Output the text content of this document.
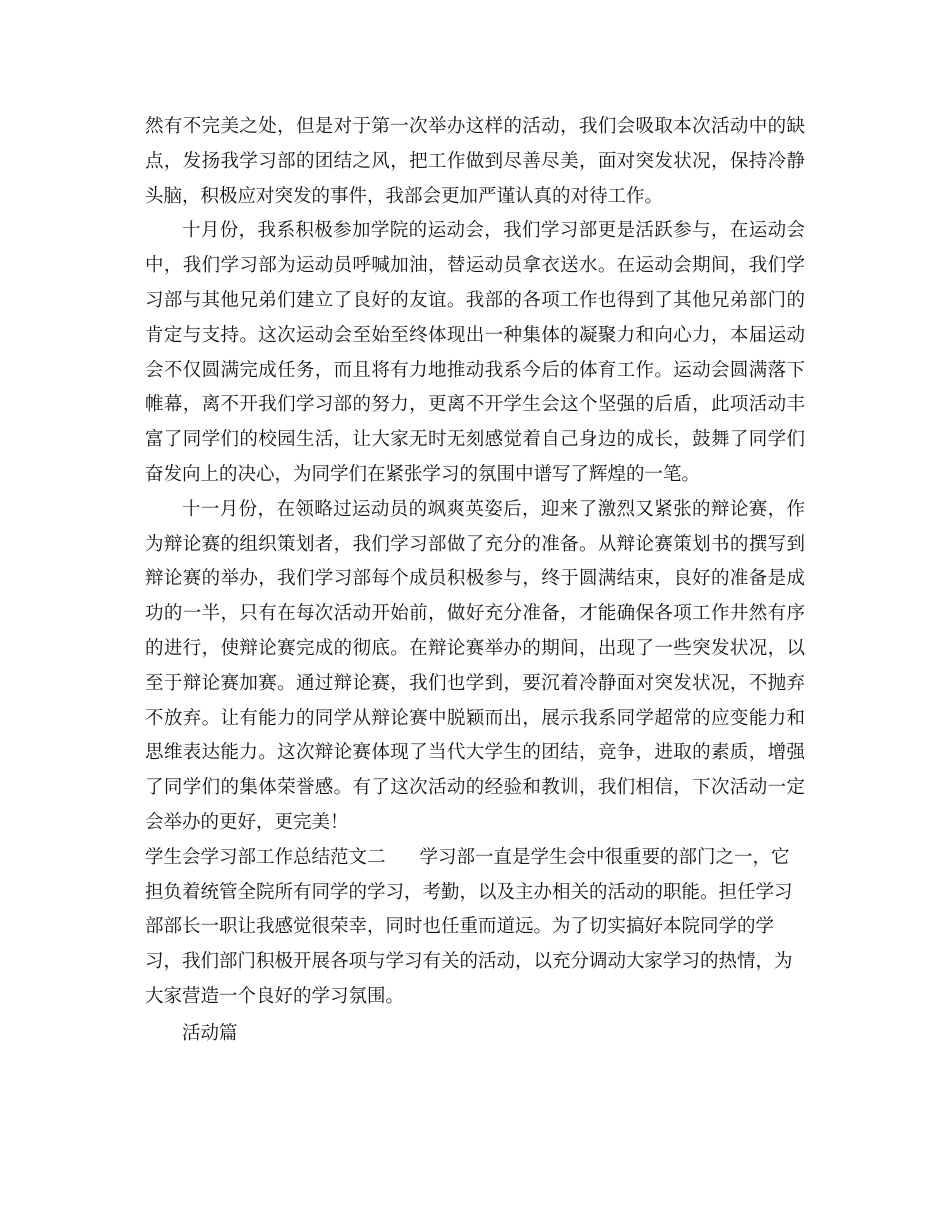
然有不完美之处，但是对于第一次举办这样的活动，我们会吸取本次活动中的缺点，发扬我学习部的团结之风，把工作做到尽善尽美，面对突发状况，保持冷静头脑，积极应对突发的事件，我部会更加严谨认真的对待工作。

十月份，我系积极参加学院的运动会，我们学习部更是活跃参与，在运动会中，我们学习部为运动员呼喊加油，替运动员拿衣送水。在运动会期间，我们学习部与其他兄弟们建立了良好的友谊。我部的各项工作也得到了其他兄弟部门的肯定与支持。这次运动会至始至终体现出一种集体的凝聚力和向心力，本届运动会不仅圆满完成任务，而且将有力地推动我系今后的体育工作。运动会圆满落下帷幕，离不开我们学习部的努力，更离不开学生会这个坚强的后盾，此项活动丰富了同学们的校园生活，让大家无时无刻感觉着自己身边的成长，鼓舞了同学们奋发向上的决心，为同学们在紧张学习的氛围中谱写了辉煌的一笔。

十一月份，在领略过运动员的飒爽英姿后，迎来了激烈又紧张的辩论赛，作为辩论赛的组织策划者，我们学习部做了充分的准备。从辩论赛策划书的撰写到辩论赛的举办，我们学习部每个成员积极参与，终于圆满结束，良好的准备是成功的一半，只有在每次活动开始前，做好充分准备，才能确保各项工作井然有序的进行，使辩论赛完成的彻底。在辩论赛举办的期间，出现了一些突发状况，以至于辩论赛加赛。通过辩论赛，我们也学到，要沉着冷静面对突发状况，不抛弃不放弃。让有能力的同学从辩论赛中脱颖而出，展示我系同学超常的应变能力和思维表达能力。这次辩论赛体现了当代大学生的团结，竞争，进取的素质，增强了同学们的集体荣誉感。有了这次活动的经验和教训，我们相信，下次活动一定会举办的更好，更完美！

学生会学习部工作总结范文二 学习部一直是学生会中很重要的部门之一，它担负着统管全院所有同学的学习，考勤，以及主办相关的活动的职能。担任学习部部长一职让我感觉很荣幸，同时也任重而道远。为了切实搞好本院同学的学习，我们部门积极开展各项与学习有关的活动，以充分调动大家学习的热情，为大家营造一个良好的学习氛围。

活动篇
